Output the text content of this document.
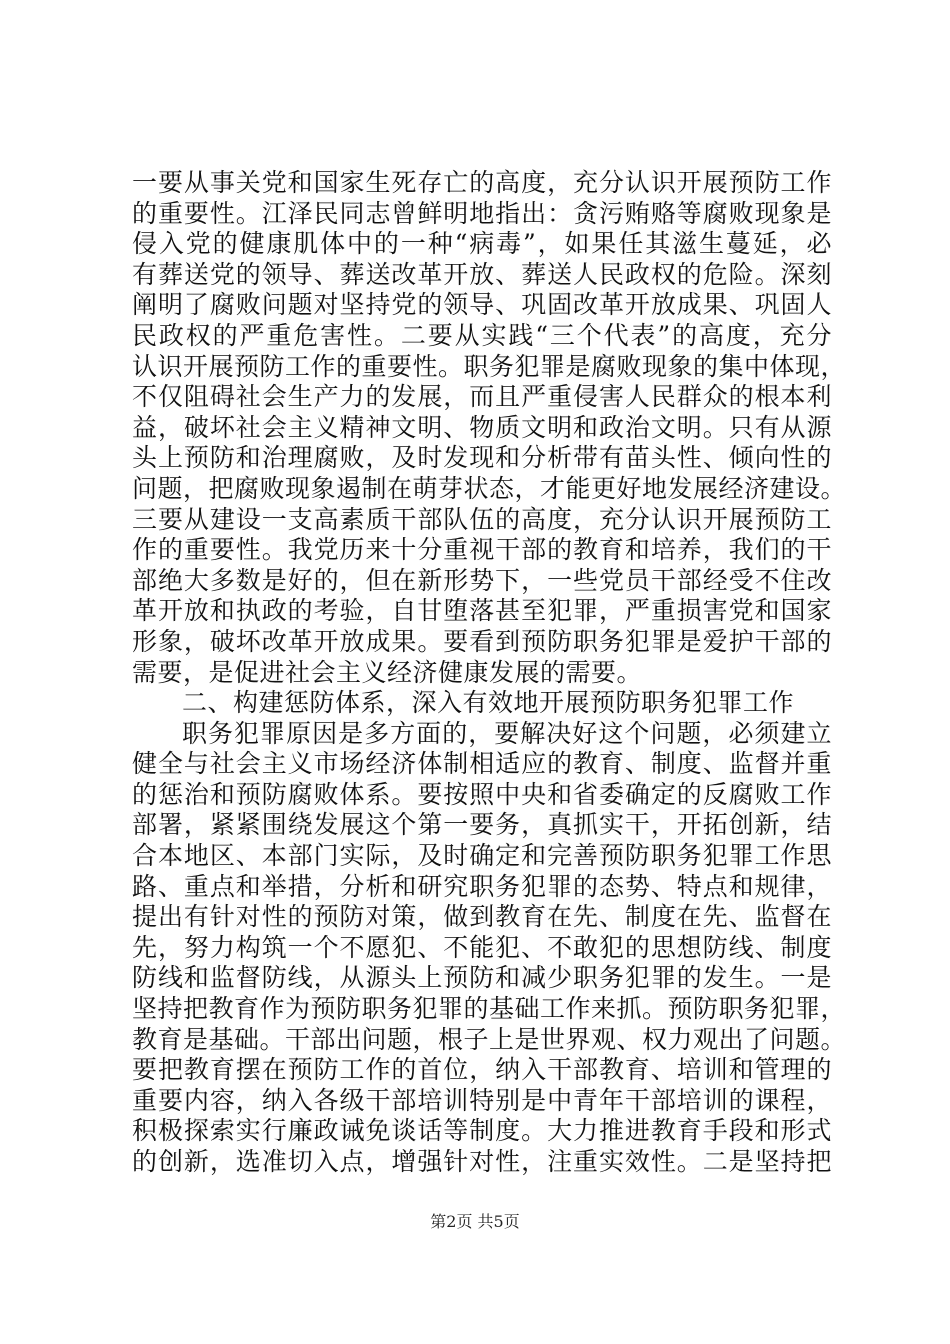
一要从事关党和国家生死存亡的高度，充分认识开展预防工作
的重要性。江泽民同志曾鲜明地指出：贪污贿赂等腐败现象是
侵入党的健康肌体中的一种“病毒”，如果任其滋生蔓延，必
有葬送党的领导、葬送改革开放、葬送人民政权的危险。深刻
阐明了腐败问题对坚持党的领导、巩固改革开放成果、巩固人
民政权的严重危害性。二要从实践“三个代表”的高度，充分
认识开展预防工作的重要性。职务犯罪是腐败现象的集中体现，
不仅阻碍社会生产力的发展，而且严重侵害人民群众的根本利
益，破坏社会主义精神文明、物质文明和政治文明。只有从源
头上预防和治理腐败，及时发现和分析带有苗头性、倾向性的
问题，把腐败现象遏制在萌芽状态，才能更好地发展经济建设。
三要从建设一支高素质干部队伍的高度，充分认识开展预防工
作的重要性。我党历来十分重视干部的教育和培养，我们的干
部绝大多数是好的，但在新形势下，一些党员干部经受不住改
革开放和执政的考验，自甘堕落甚至犯罪，严重损害党和国家
形象，破坏改革开放成果。要看到预防职务犯罪是爱护干部的
需要，是促进社会主义经济健康发展的需要。
二、构建惩防体系，深入有效地开展预防职务犯罪工作
职务犯罪原因是多方面的，要解决好这个问题，必须建立
健全与社会主义市场经济体制相适应的教育、制度、监督并重
的惩治和预防腐败体系。要按照中央和省委确定的反腐败工作
部署，紧紧围绕发展这个第一要务，真抓实干，开拓创新，结
合本地区、本部门实际，及时确定和完善预防职务犯罪工作思
路、重点和举措，分析和研究职务犯罪的态势、特点和规律，
提出有针对性的预防对策，做到教育在先、制度在先、监督在
先，努力构筑一个不愿犯、不能犯、不敢犯的思想防线、制度
防线和监督防线，从源头上预防和减少职务犯罪的发生。一是
坚持把教育作为预防职务犯罪的基础工作来抓。预防职务犯罪，
教育是基础。干部出问题，根子上是世界观、权力观出了问题。
要把教育摆在预防工作的首位，纳入干部教育、培训和管理的
重要内容，纳入各级干部培训特别是中青年干部培训的课程，
积极探索实行廉政诫免谈话等制度。大力推进教育手段和形式
的创新，选准切入点，增强针对性，注重实效性。二是坚持把
第2页 共5页
